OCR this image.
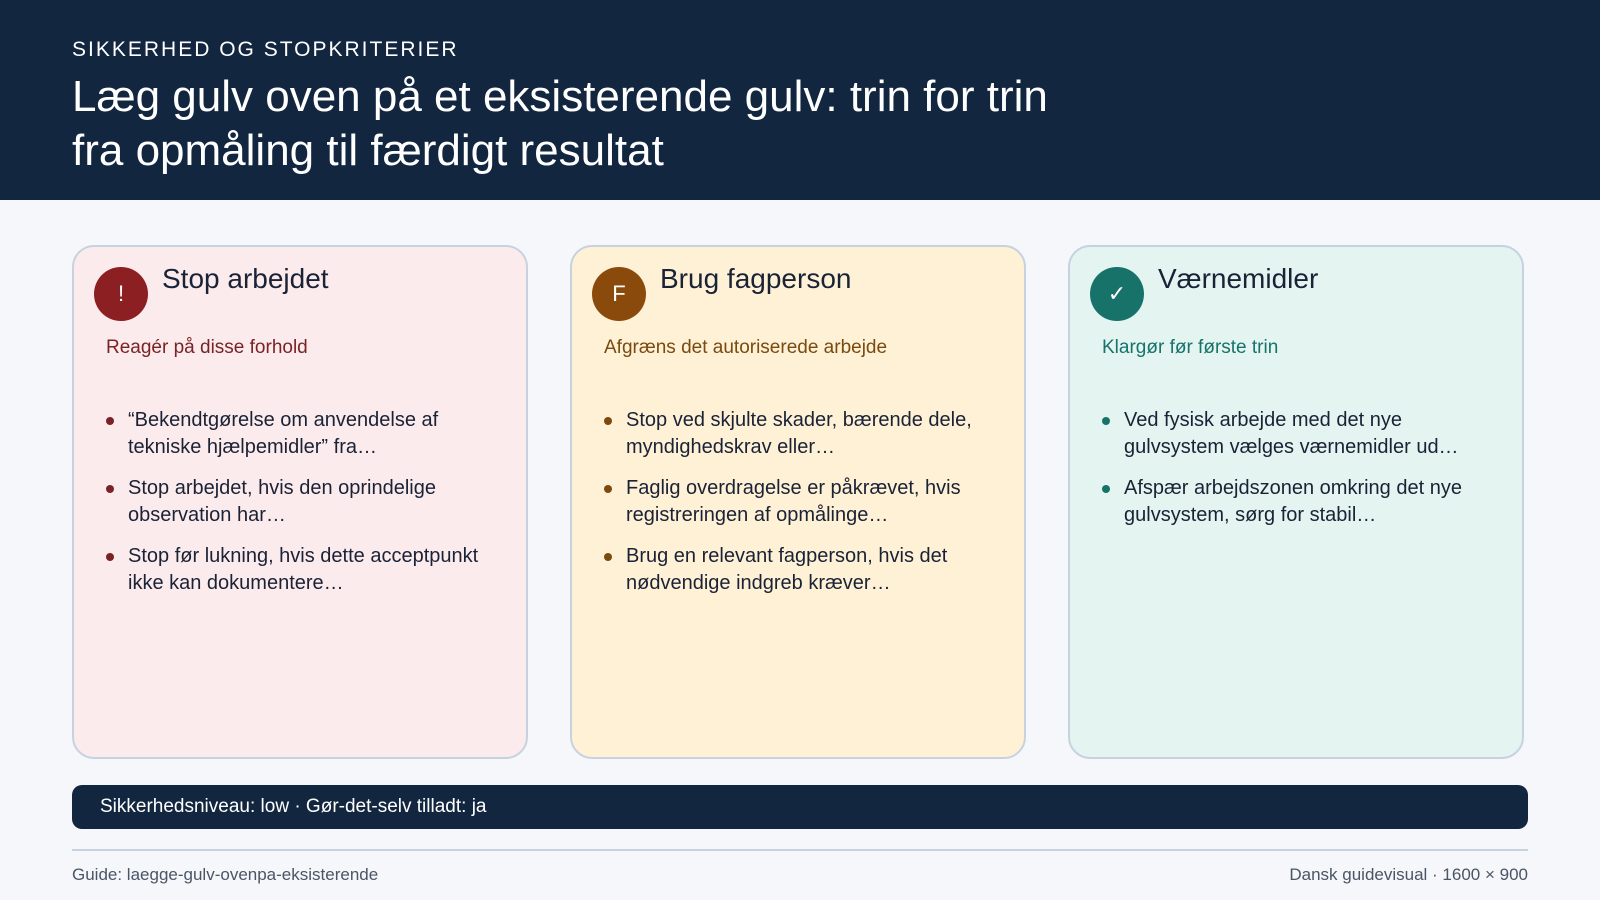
SIKKERHED OG STOPKRITERIER
Læg gulv oven på et eksisterende gulv: trin for trin fra opmåling til færdigt resultat
! Stop arbejdet
Reagér på disse forhold
“Bekendtgørelse om anvendelse af tekniske hjælpemidler” fra…
Stop arbejdet, hvis den oprindelige observation har…
Stop før lukning, hvis dette acceptpunkt ikke kan dokumentere…
F Brug fagperson
Afgræns det autoriserede arbejde
Stop ved skjulte skader, bærende dele, myndighedskrav eller…
Faglig overdragelse er påkrævet, hvis registreringen af opmålinge…
Brug en relevant fagperson, hvis det nødvendige indgreb kræver…
✓ Værnemidler
Klargør før første trin
Ved fysisk arbejde med det nye gulvsystem vælges værnemidler ud…
Afspær arbejdszonen omkring det nye gulvsystem, sørg for stabil…
Sikkerhedsniveau: low · Gør-det-selv tilladt: ja
Guide: laegge-gulv-ovenpa-eksisterende	Dansk guidevisual · 1600 × 900
